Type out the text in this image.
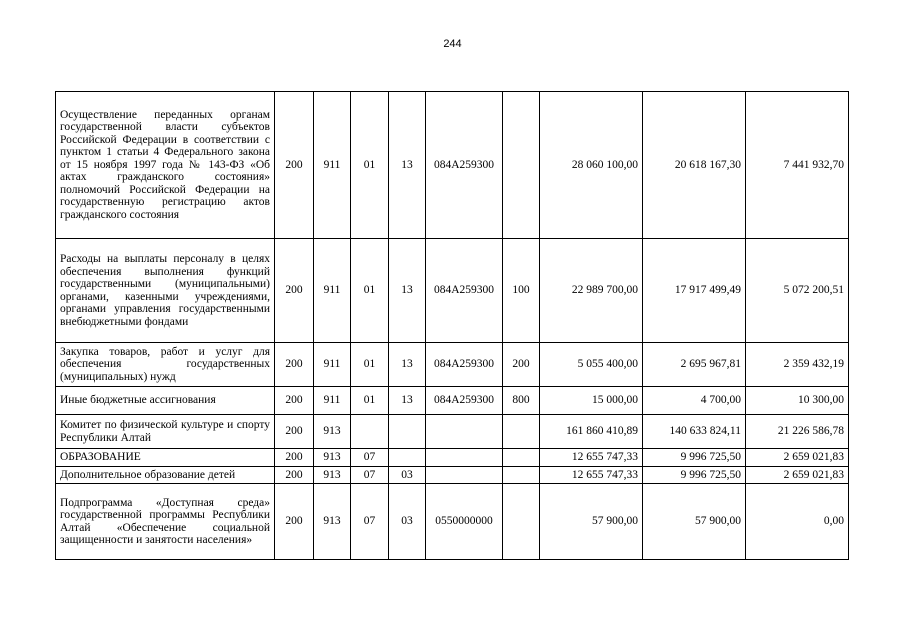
244
Осуществление переданных органам государственной власти субъектов Российской Федерации в соответствии с пунктом 1 статьи 4 Федерального закона от 15 ноября 1997 года № 143-ФЗ «Об актах гражданского состояния» полномочий Российской Федерации на государственную регистрацию актов гражданского состояния	200	911	01	13	084A259300		28 060 100,00	20 618 167,30	7 441 932,70
Расходы на выплаты персоналу в целях обеспечения выполнения функций государственными (муниципальными) органами, казенными учреждениями, органами управления государственными внебюджетными фондами	200	911	01	13	084A259300	100	22 989 700,00	17 917 499,49	5 072 200,51
Закупка товаров, работ и услуг для обеспечения государственных (муниципальных) нужд	200	911	01	13	084A259300	200	5 055 400,00	2 695 967,81	2 359 432,19
Иные бюджетные ассигнования	200	911	01	13	084A259300	800	15 000,00	4 700,00	10 300,00
Комитет по физической культуре и спорту Республики Алтай	200	913					161 860 410,89	140 633 824,11	21 226 586,78
ОБРАЗОВАНИЕ	200	913	07				12 655 747,33	9 996 725,50	2 659 021,83
Дополнительное образование детей	200	913	07	03			12 655 747,33	9 996 725,50	2 659 021,83
Подпрограмма «Доступная среда» государственной программы Республики Алтай «Обеспечение социальной защищенности и занятости населения»	200	913	07	03	0550000000		57 900,00	57 900,00	0,00
